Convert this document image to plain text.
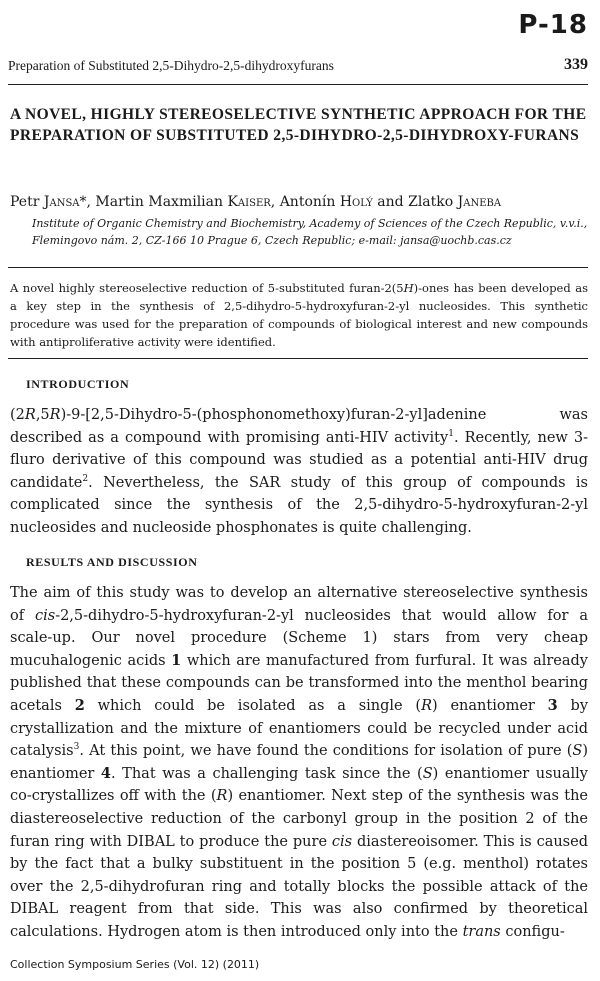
P-18
Preparation of Substituted 2,5-Dihydro-2,5-dihydroxyfurans	339
A NOVEL, HIGHLY STEREOSELECTIVE SYNTHETIC APPROACH FOR THE PREPARATION OF SUBSTITUTED 2,5-DIHYDRO-2,5-DIHYDROXY-FURANS

Petr Jansa*, Martin Maxmilian Kaiser, Antonín Holý and Zlatko Janeba

Institute of Organic Chemistry and Biochemistry, Academy of Sciences of the Czech Republic, v.v.i., Flemingovo nám. 2, CZ-166 10 Prague 6, Czech Republic; e-mail: jansa@uochb.cas.cz

A novel highly stereoselective reduction of 5-substituted furan-2(5H)-ones has been developed as a key step in the synthesis of 2,5-dihydro-5-hydroxyfuran-2-yl nucleosides. This synthetic procedure was used for the preparation of compounds of biological interest and new compounds with antiproliferative activity were identified.

INTRODUCTION

(2R,5R)-9-[2,5-Dihydro-5-(phosphonomethoxy)furan-2-yl]adenine was described as a compound with promising anti-HIV activity$^1$. Recently, new 3-fluro derivative of this compound was studied as a potential anti-HIV drug candidate$^2$. Nevertheless, the SAR study of this group of compounds is complicated since the synthesis of the 2,5-dihydro-5-hydroxyfuran-2-yl nucleosides and nucleoside phosphonates is quite challenging.

RESULTS AND DISCUSSION

The aim of this study was to develop an alternative stereoselective synthesis of cis-2,5-dihydro-5-hydroxyfuran-2-yl nucleosides that would allow for a scale-up. Our novel procedure (Scheme 1) stars from very cheap mucuhalogenic acids 1 which are manufactured from furfural. It was already published that these compounds can be transformed into the menthol bearing acetals 2 which could be isolated as a single (R) enantiomer 3 by crystallization and the mixture of enantiomers could be recycled under acid catalysis$^3$. At this point, we have found the conditions for isolation of pure (S) enantiomer 4. That was a challenging task since the (S) enantiomer usually co-crystallizes off with the (R) enantiomer. Next step of the synthesis was the diastereoselective reduction of the carbonyl group in the position 2 of the furan ring with DIBAL to produce the pure cis diastereoisomer. This is caused by the fact that a bulky substituent in the position 5 (e.g. menthol) rotates over the 2,5-dihydrofuran ring and totally blocks the possible attack of the DIBAL reagent from that side. This was also confirmed by theoretical calculations. Hydrogen atom is then introduced only into the trans configu-

Collection Symposium Series (Vol. 12) (2011)
